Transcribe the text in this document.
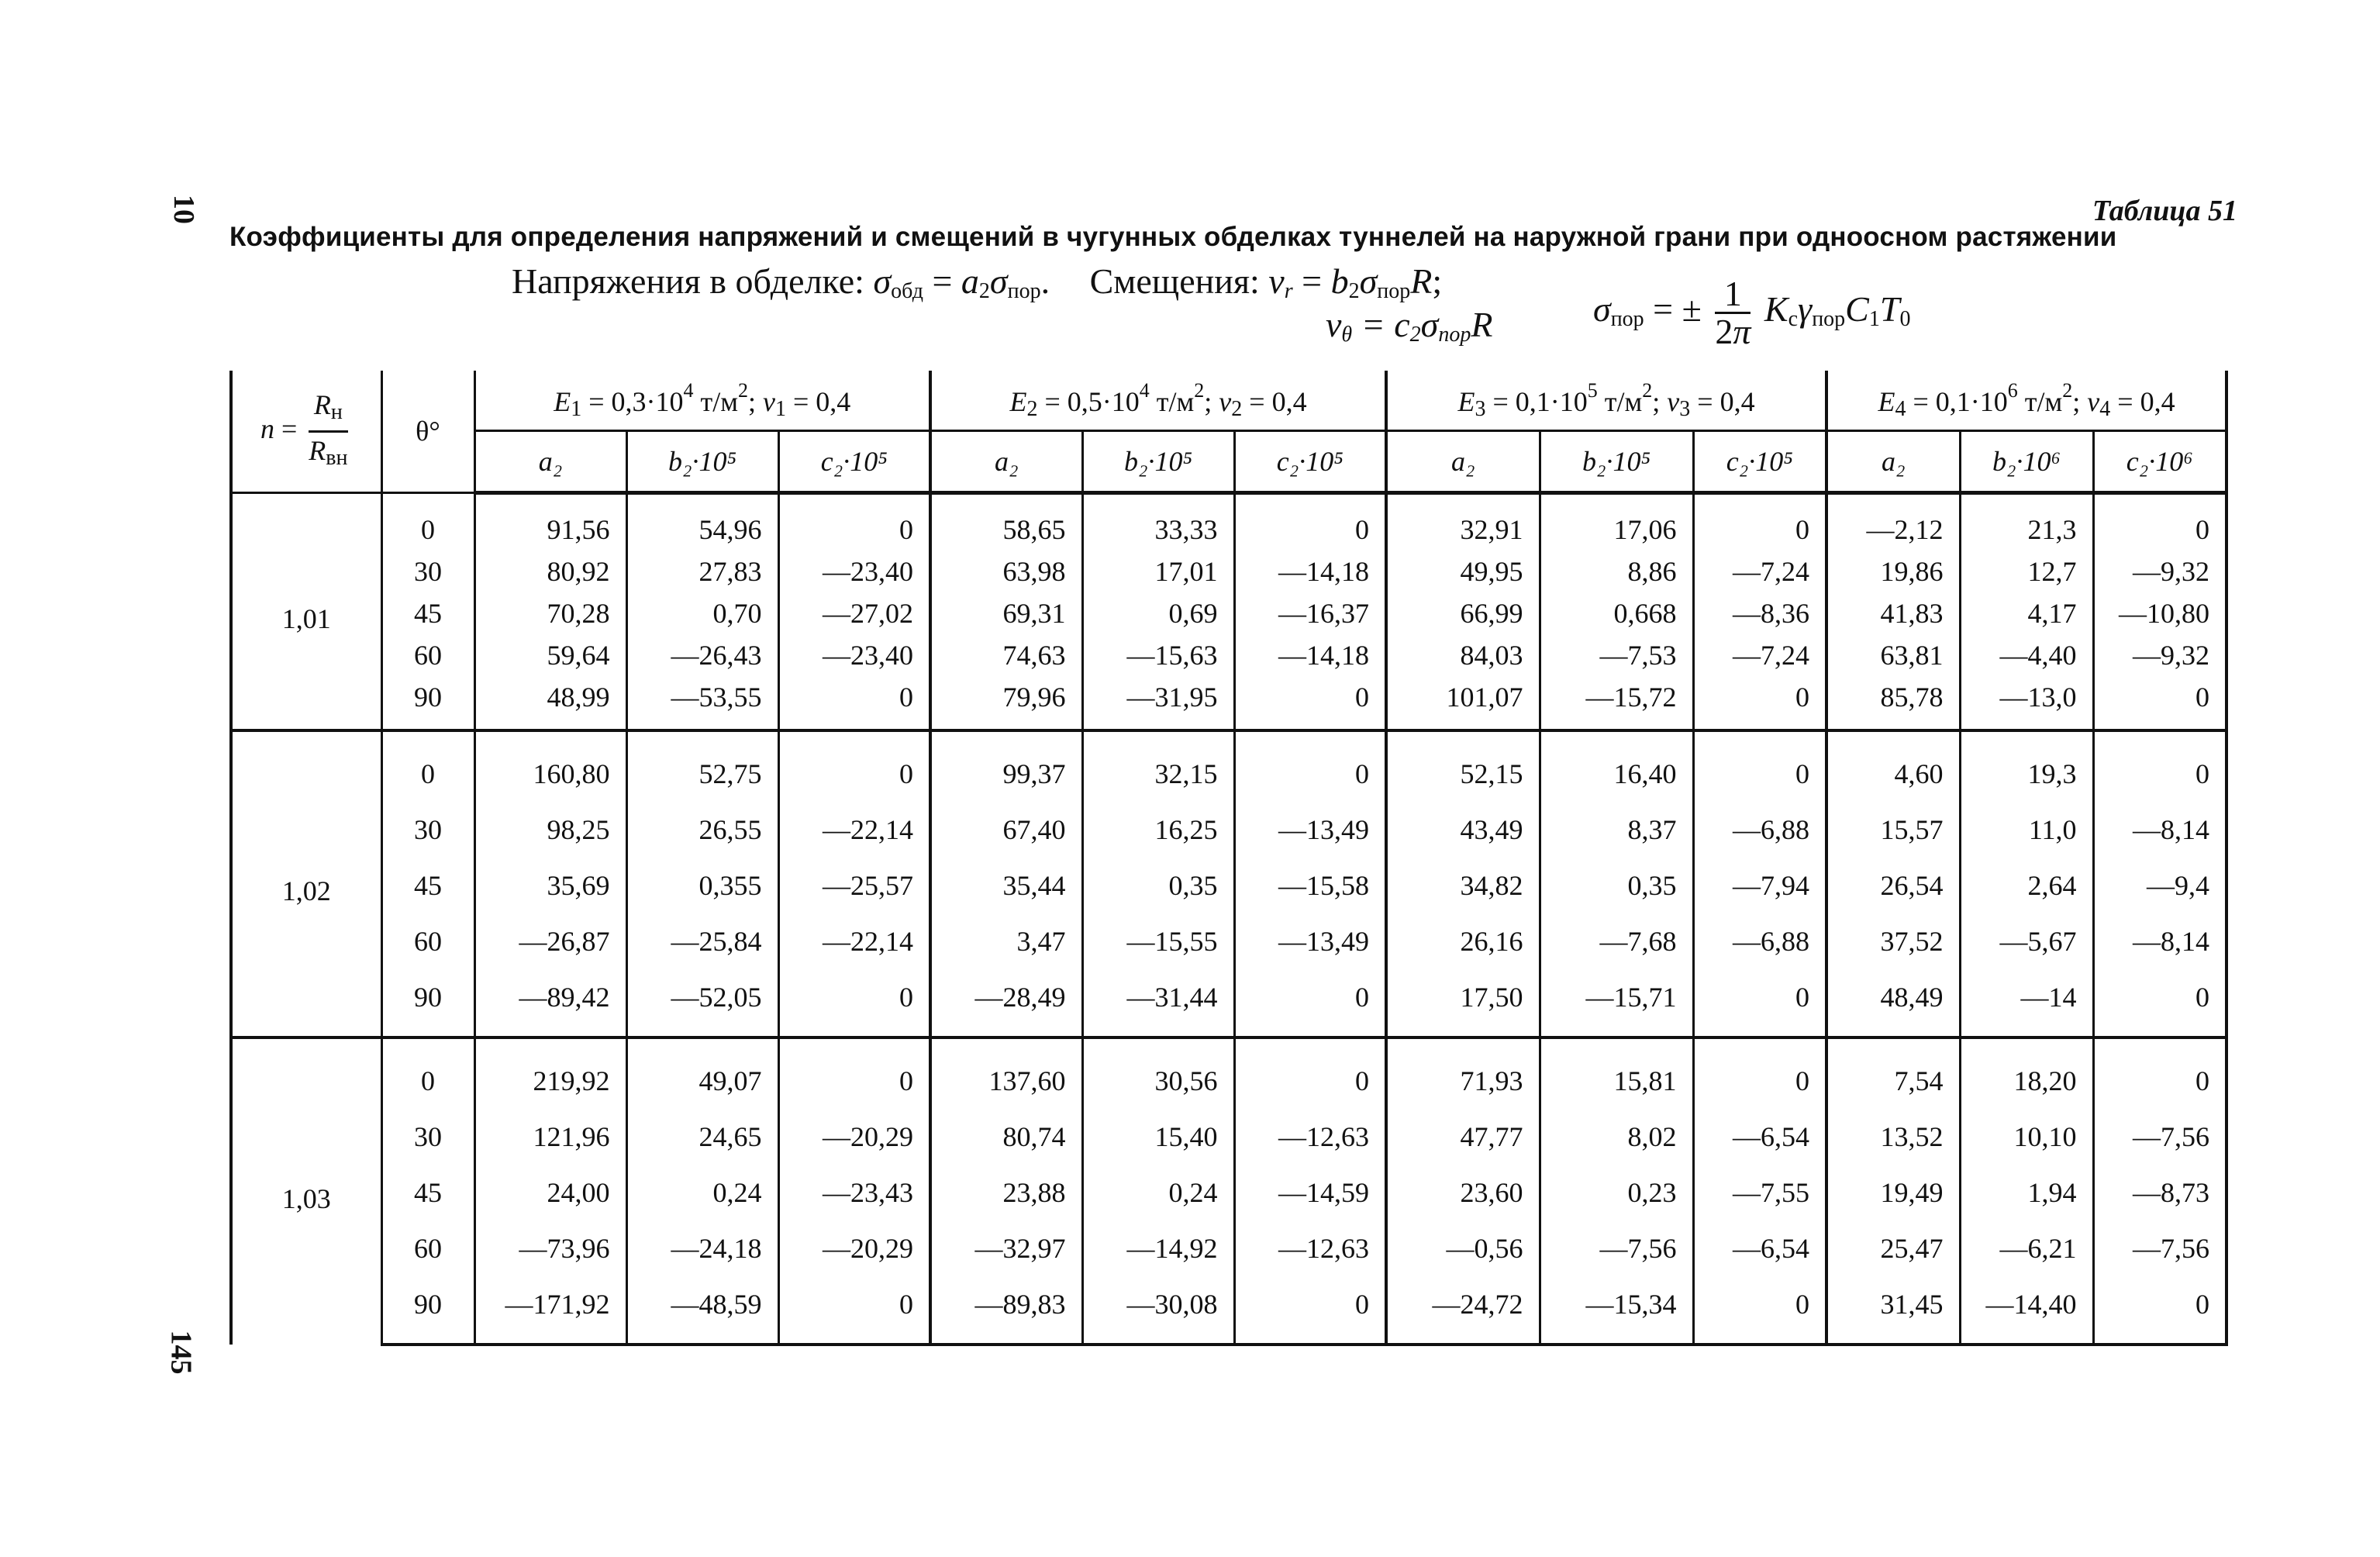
10
145
Таблица 51
Коэффициенты для определения напряжений и смещений в чугунных обделках туннелей на наружной грани при одноосном растяжении
Напряжения в обделке: $\sigma_{обд} = a_2\sigma_{пор}$. Смещения: $v_r = b_2\sigma_{пор}R$;
$v_\theta = c_2\sigma_{пор}R$	$\sigma_{пор}$ = ± $\frac{1}{2\pi} K_с\gamma_{пор}C_1T_0$
$n = \frac{R_н}{R_{вн}}$	θ°	$E_1 = 0,3\cdot 10^4$ $т/м^2$; $\nu_1 = 0,4$			$E_2 = 0,5\cdot 10^4$ $т/м^2$; $\nu_2 = 0,4$			$E_3 = 0,1\cdot 10^5$ $т/м^2$; $\nu_3 = 0,4$			$E_4 = 0,1\cdot 10^6$ $т/м^2$; $\nu_4 = 0,4$		
		a₂	b₂·10⁵	c₂·10⁵	a₂	b₂·10⁵	c₂·10⁵	a₂	b₂·10⁵	c₂·10⁵	a₂	b₂·10⁶	c₂·10⁶
1,01	0	91,56	54,96	0	58,65	33,33	0	32,91	17,06	0	—2,12	21,3	0
	30	80,92	27,83	—23,40	63,98	17,01	—14,18	49,95	8,86	—7,24	19,86	12,7	—9,32
	45	70,28	0,70	—27,02	69,31	0,69	—16,37	66,99	0,668	—8,36	41,83	4,17	—10,80
	60	59,64	—26,43	—23,40	74,63	—15,63	—14,18	84,03	—7,53	—7,24	63,81	—4,40	—9,32
	90	48,99	—53,55	0	79,96	—31,95	0	101,07	—15,72	0	85,78	—13,0	0
1,02	0	160,80	52,75	0	99,37	32,15	0	52,15	16,40	0	4,60	19,3	0
	30	98,25	26,55	—22,14	67,40	16,25	—13,49	43,49	8,37	—6,88	15,57	11,0	—8,14
	45	35,69	0,355	—25,57	35,44	0,35	—15,58	34,82	0,35	—7,94	26,54	2,64	—9,4
	60	—26,87	—25,84	—22,14	3,47	—15,55	—13,49	26,16	—7,68	—6,88	37,52	—5,67	—8,14
	90	—89,42	—52,05	0	—28,49	—31,44	0	17,50	—15,71	0	48,49	—14	0
1,03	0	219,92	49,07	0	137,60	30,56	0	71,93	15,81	0	7,54	18,20	0
	30	121,96	24,65	—20,29	80,74	15,40	—12,63	47,77	8,02	—6,54	13,52	10,10	—7,56
	45	24,00	0,24	—23,43	23,88	0,24	—14,59	23,60	0,23	—7,55	19,49	1,94	—8,73
	60	—73,96	—24,18	—20,29	—32,97	—14,92	—12,63	—0,56	—7,56	—6,54	25,47	—6,21	—7,56
	90	—171,92	—48,59	0	—89,83	—30,08	0	—24,72	—15,34	0	31,45	—14,40	0
